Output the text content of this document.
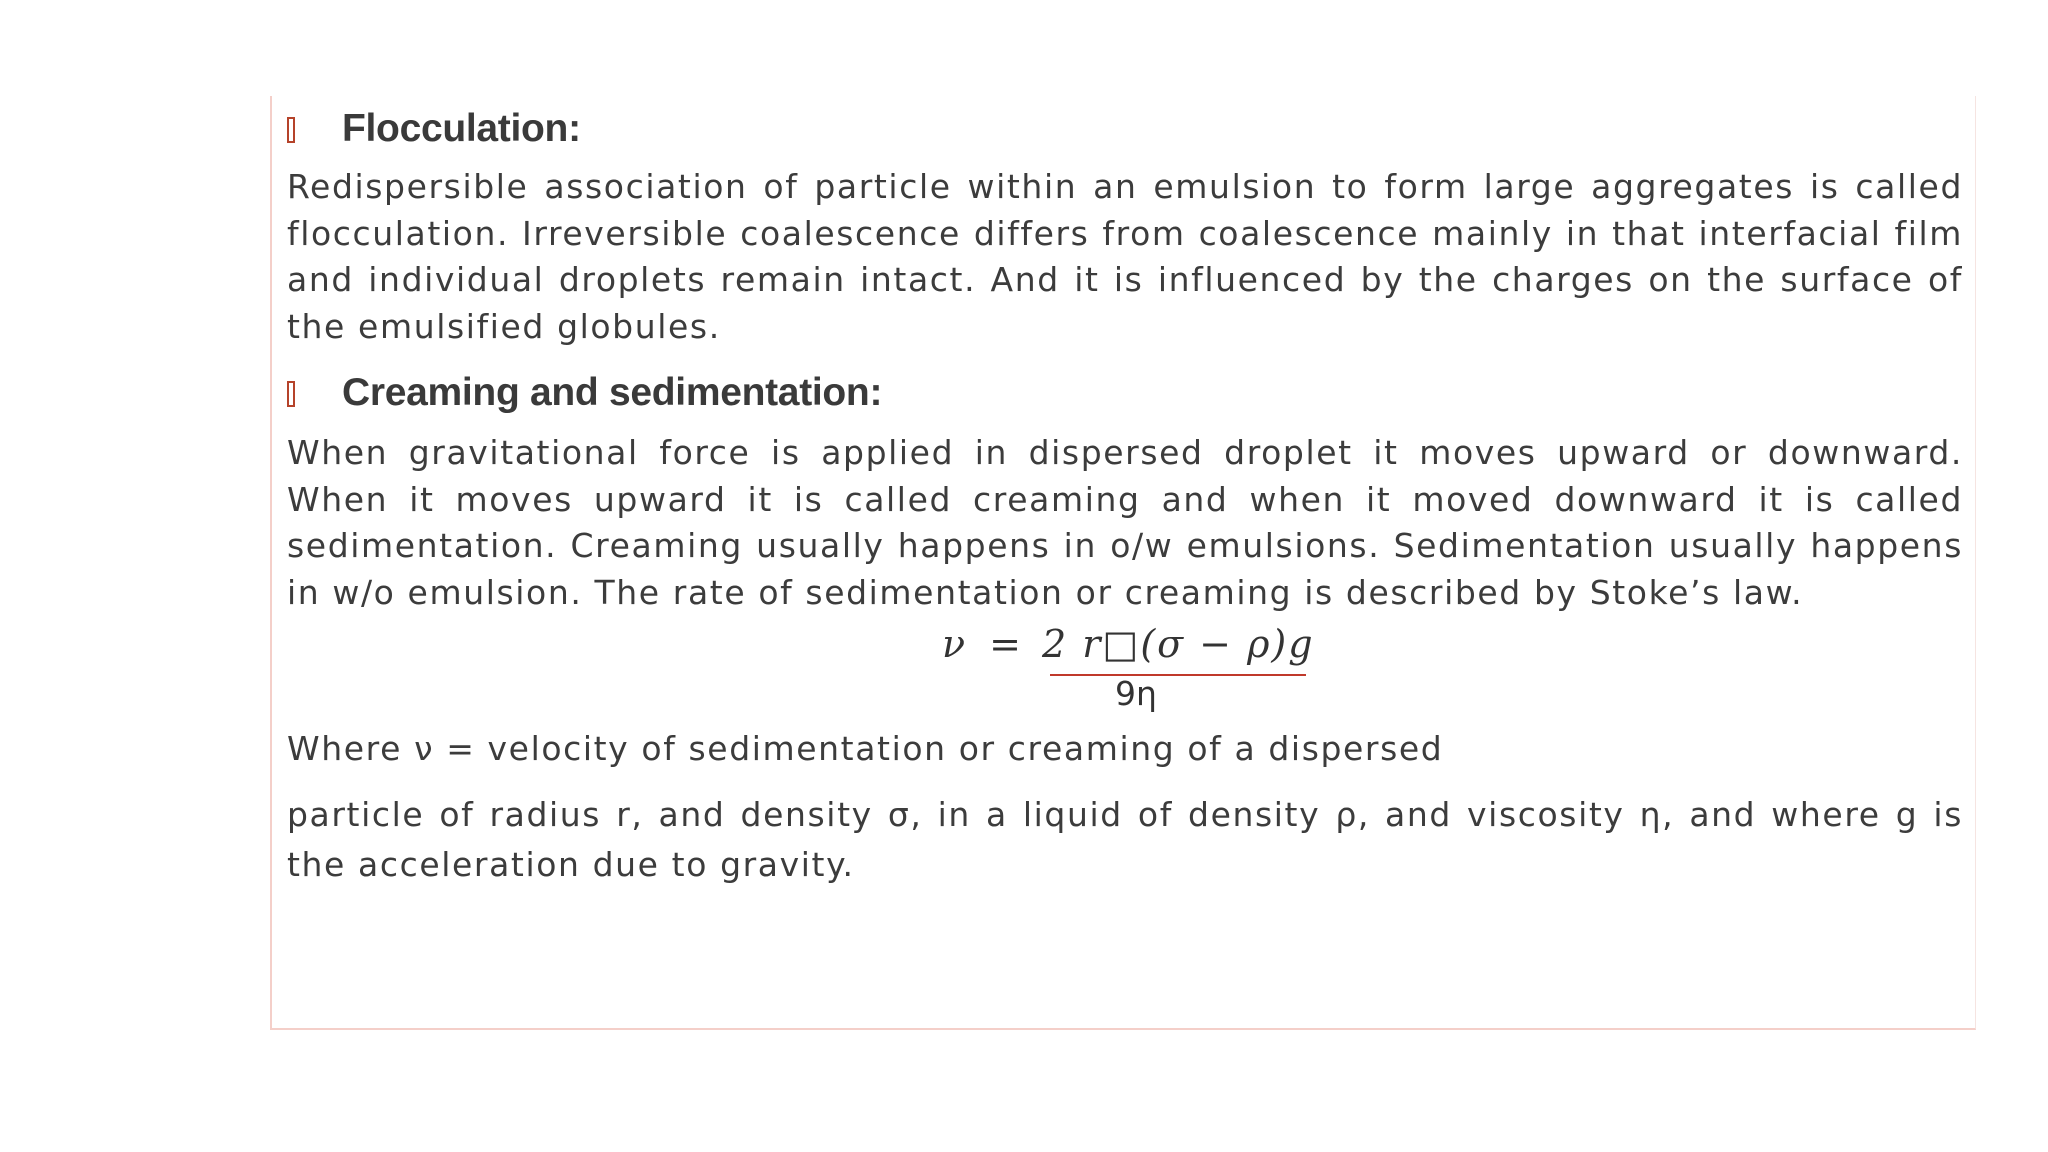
Flocculation:

Redispersible association of particle within an emulsion to form large aggregates is called flocculation. Irreversible coalescence differs from coalescence mainly in that interfacial film and individual droplets remain intact. And it is influenced by the charges on the surface of the emulsified globules.

Creaming and sedimentation:

When gravitational force is applied in dispersed droplet it moves upward or downward. When it moves upward it is called creaming and when it moved downward it is called sedimentation. Creaming usually happens in o/w emulsions. Sedimentation usually happens in w/o emulsion. The rate of sedimentation or creaming is described by Stoke’s law.

ν = 2 r□(σ − ρ)g
9η
Where ν = velocity of sedimentation or creaming of a dispersed

particle of radius r, and density σ, in a liquid of density ρ, and viscosity η, and where g is the acceleration due to gravity.
